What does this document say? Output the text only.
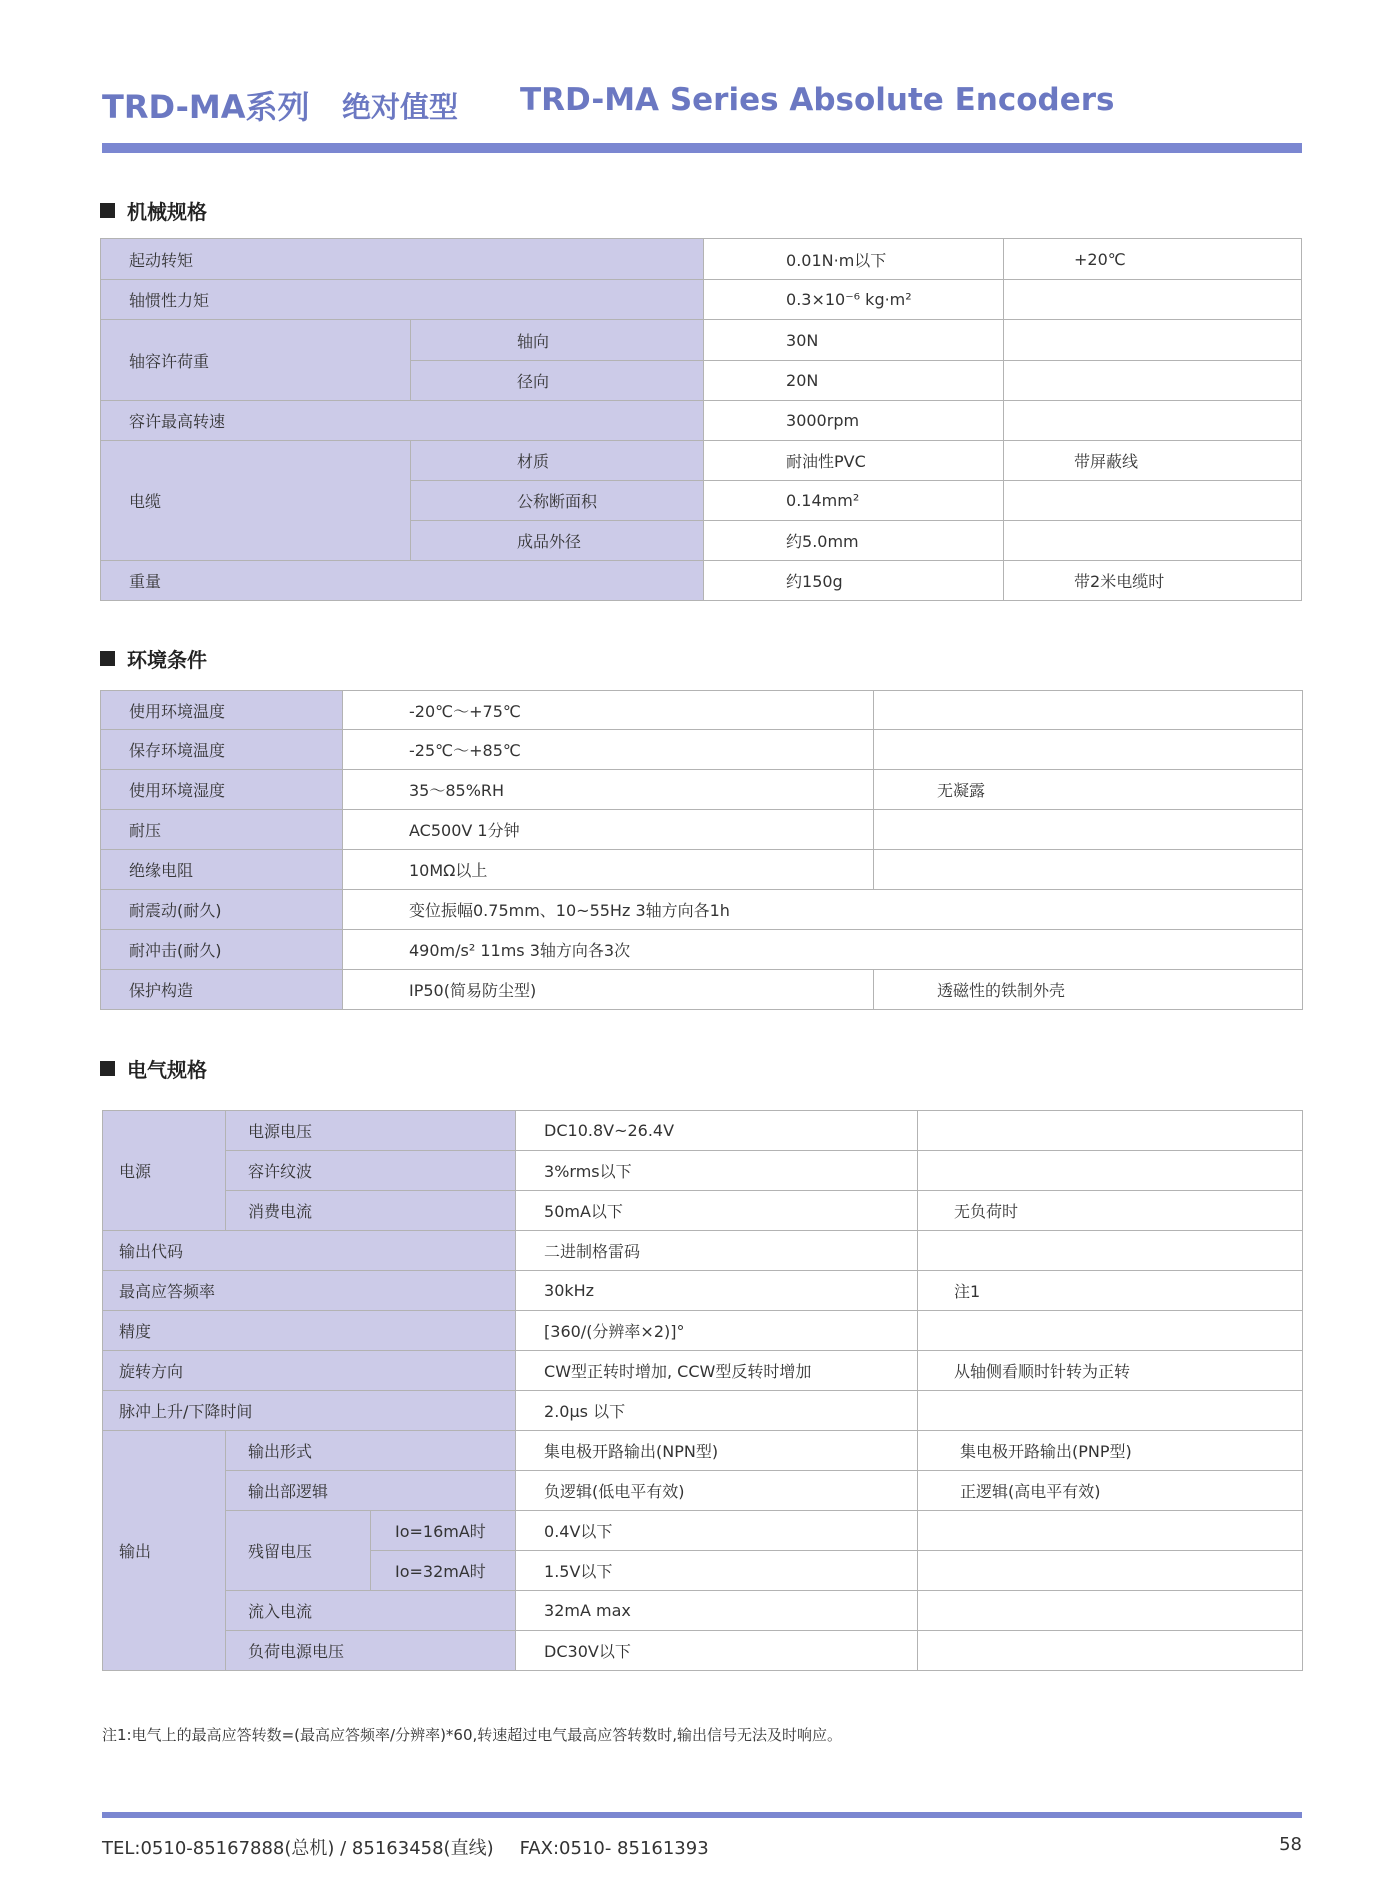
TRD-MA系列 绝对值型 TRD-MA Series Absolute Encoders
机械规格
起动转矩		0.01N·m以下	+20℃
轴惯性力矩		0.3×10⁻⁶ kg·m²	
轴容许荷重	轴向	30N	
	径向	20N	
容许最高转速		3000rpm	
电缆	材质	耐油性PVC	带屏蔽线
	公称断面积	0.14mm²	
	成品外径	约5.0mm	
重量		约150g	带2米电缆时
环境条件
使用环境温度	-20℃～+75℃	
保存环境温度	-25℃～+85℃	
使用环境湿度	35～85%RH	无凝露
耐压	AC500V 1分钟	
绝缘电阻	10MΩ以上	
耐震动(耐久)	变位振幅0.75mm、10~55Hz 3轴方向各1h	
耐冲击(耐久)	490m/s² 11ms 3轴方向各3次	
保护构造	IP50(简易防尘型)	透磁性的铁制外壳
电气规格
电源	电源电压		DC10.8V~26.4V	
	容许纹波		3%rms以下	
	消费电流		50mA以下	无负荷时
输出代码			二进制格雷码	
最高应答频率			30kHz	注1
精度			[360/(分辨率×2)]°	
旋转方向			CW型正转时增加, CCW型反转时增加	从轴侧看顺时针转为正转
脉冲上升/下降时间			2.0μs 以下	
输出	输出形式		集电极开路输出(NPN型)	集电极开路输出(PNP型)
	输出部逻辑		负逻辑(低电平有效)	正逻辑(高电平有效)
	残留电压	Io=16mA时	0.4V以下	
		Io=32mA时	1.5V以下	
	流入电流		32mA max	
	负荷电源电压		DC30V以下	
注1:电气上的最高应答转数=(最高应答频率/分辨率)*60,转速超过电气最高应答转数时,输出信号无法及时响应。
TEL:0510-85167888(总机) / 85163458(直线) FAX:0510- 85161393	58
